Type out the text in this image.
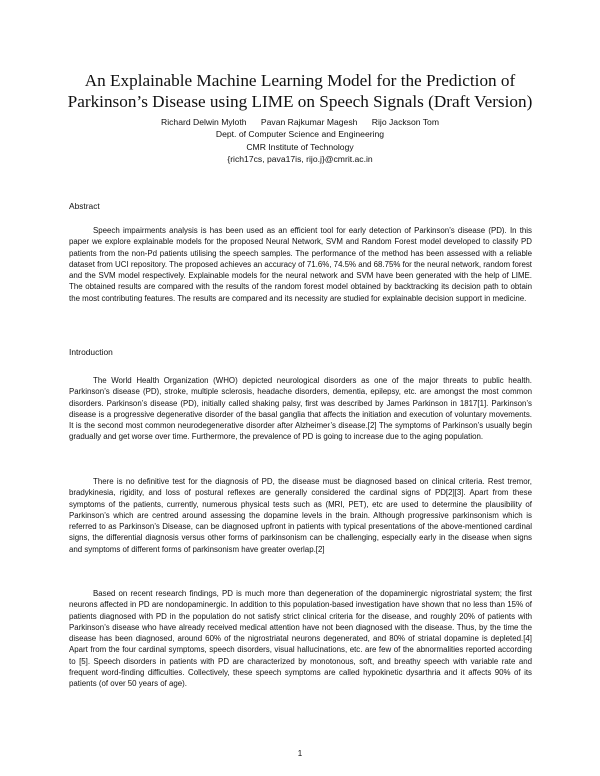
An Explainable Machine Learning Model for the Prediction of
Parkinson’s Disease using LIME on Speech Signals (Draft Version)
Richard Delwin Myloth Pavan Rajkumar Magesh Rijo Jackson Tom
Dept. of Computer Science and Engineering
CMR Institute of Technology
{rich17cs, pava17is, rijo.j}@cmrit.ac.in
Abstract

Speech impairments analysis is has been used as an efficient tool for early detection of Parkinson’s disease (PD). In this paper we explore explainable models for the proposed Neural Network, SVM and Random Forest model developed to classify PD patients from the non-Pd patients utilising the speech samples. The performance of the method has been assessed with a reliable dataset from UCI repository. The proposed achieves an accuracy of 71.6%, 74.5% and 68.75% for the neural network, random forest and the SVM model respectively. Explainable models for the neural network and SVM have been generated with the help of LIME. The obtained results are compared with the results of the random forest model obtained by backtracking its decision path to obtain the most contributing features. The results are compared and its necessity are studied for explainable decision support in medicine.

Introduction

The World Health Organization (WHO) depicted neurological disorders as one of the major threats to public health. Parkinson’s disease (PD), stroke, multiple sclerosis, headache disorders, dementia, epilepsy, etc. are amongst the most common disorders. Parkinson’s disease (PD), initially called shaking palsy, first was described by James Parkinson in 1817[1]. Parkinson’s disease is a progressive degenerative disorder of the basal ganglia that affects the initiation and execution of voluntary movements. It is the second most common neurodegenerative disorder after Alzheimer’s disease.[2] The symptoms of Parkinson’s usually begin gradually and get worse over time. Furthermore, the prevalence of PD is going to increase due to the aging population.

There is no definitive test for the diagnosis of PD, the disease must be diagnosed based on clinical criteria. Rest tremor, bradykinesia, rigidity, and loss of postural reflexes are generally considered the cardinal signs of PD[2][3]. Apart from these symptoms of the patients, currently, numerous physical tests such as (MRI, PET), etc are used to determine the plausibility of Parkinson’s which are centred around assessing the dopamine levels in the brain. Although progressive parkinsonism which is referred to as Parkinson’s Disease, can be diagnosed upfront in patients with typical presentations of the above-mentioned cardinal signs, the differential diagnosis versus other forms of parkinsonism can be challenging, especially early in the disease when signs and symptoms of different forms of parkinsonism have greater overlap.[2]

Based on recent research findings, PD is much more than degeneration of the dopaminergic nigrostriatal system; the first neurons affected in PD are nondopaminergic. In addition to this population-based investigation have shown that no less than 15% of patients diagnosed with PD in the population do not satisfy strict clinical criteria for the disease, and roughly 20% of patients with Parkinson’s disease who have already received medical attention have not been diagnosed with the disease. Thus, by the time the disease has been diagnosed, around 60% of the nigrostriatal neurons degenerated, and 80% of striatal dopamine is depleted.[4] Apart from the four cardinal symptoms, speech disorders, visual hallucinations, etc. are few of the abnormalities reported according to [5]. Speech disorders in patients with PD are characterized by monotonous, soft, and breathy speech with variable rate and frequent word-finding difficulties. Collectively, these speech symptoms are called hypokinetic dysarthria and it affects 90% of its patients (of over 50 years of age).

1
